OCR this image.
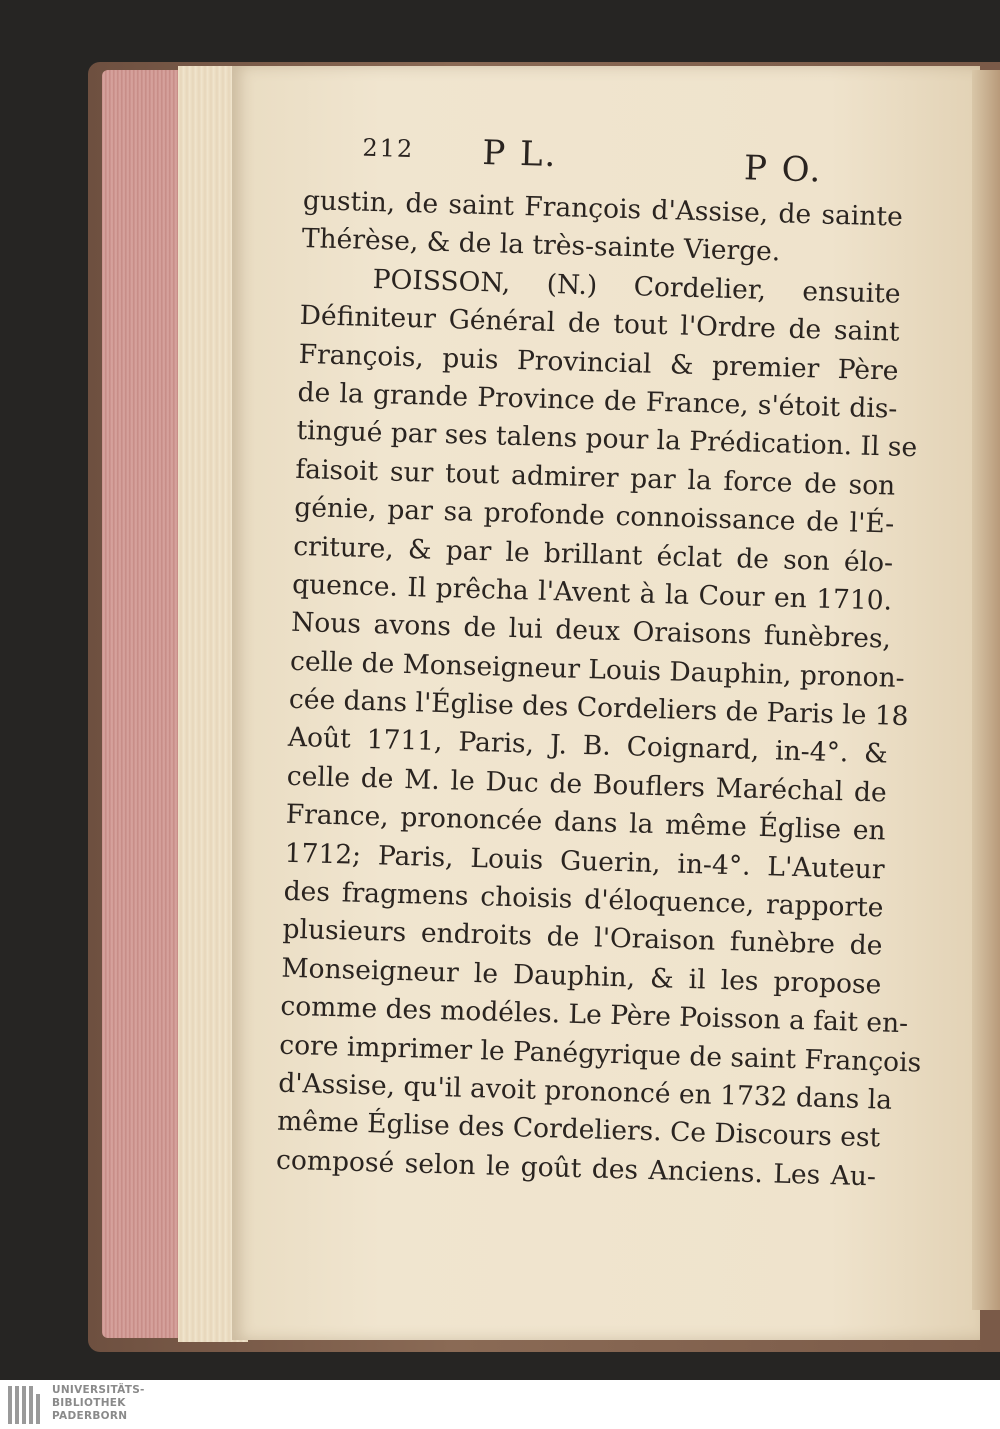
212 P L.	P O.
gustin, de saint François d'Assise, de sainte
Thérèse, & de la très-sainte Vierge.
POISSON, (N.) Cordelier, ensuite
Définiteur Général de tout l'Ordre de saint
François, puis Provincial & premier Père
de la grande Province de France, s'étoit dis-
tingué par ses talens pour la Prédication. Il se
faisoit sur tout admirer par la force de son
génie, par sa profonde connoissance de l'É-
criture, & par le brillant éclat de son élo-
quence. Il prêcha l'Avent à la Cour en 1710.
Nous avons de lui deux Oraisons funèbres,
celle de Monseigneur Louis Dauphin, pronon-
cée dans l'Église des Cordeliers de Paris le 18
Août 1711, Paris, J. B. Coignard, in-4°. &
celle de M. le Duc de Bouflers Maréchal de
France, prononcée dans la même Église en
1712; Paris, Louis Guerin, in-4°. L'Auteur
des fragmens choisis d'éloquence, rapporte
plusieurs endroits de l'Oraison funèbre de
Monseigneur le Dauphin, & il les propose
comme des modéles. Le Père Poisson a fait en-
core imprimer le Panégyrique de saint François
d'Assise, qu'il avoit prononcé en 1732 dans la
même Église des Cordeliers. Ce Discours est
composé selon le goût des Anciens. Les Au-
UNIVERSITÄTS-
BIBLIOTHEK
PADERBORN
